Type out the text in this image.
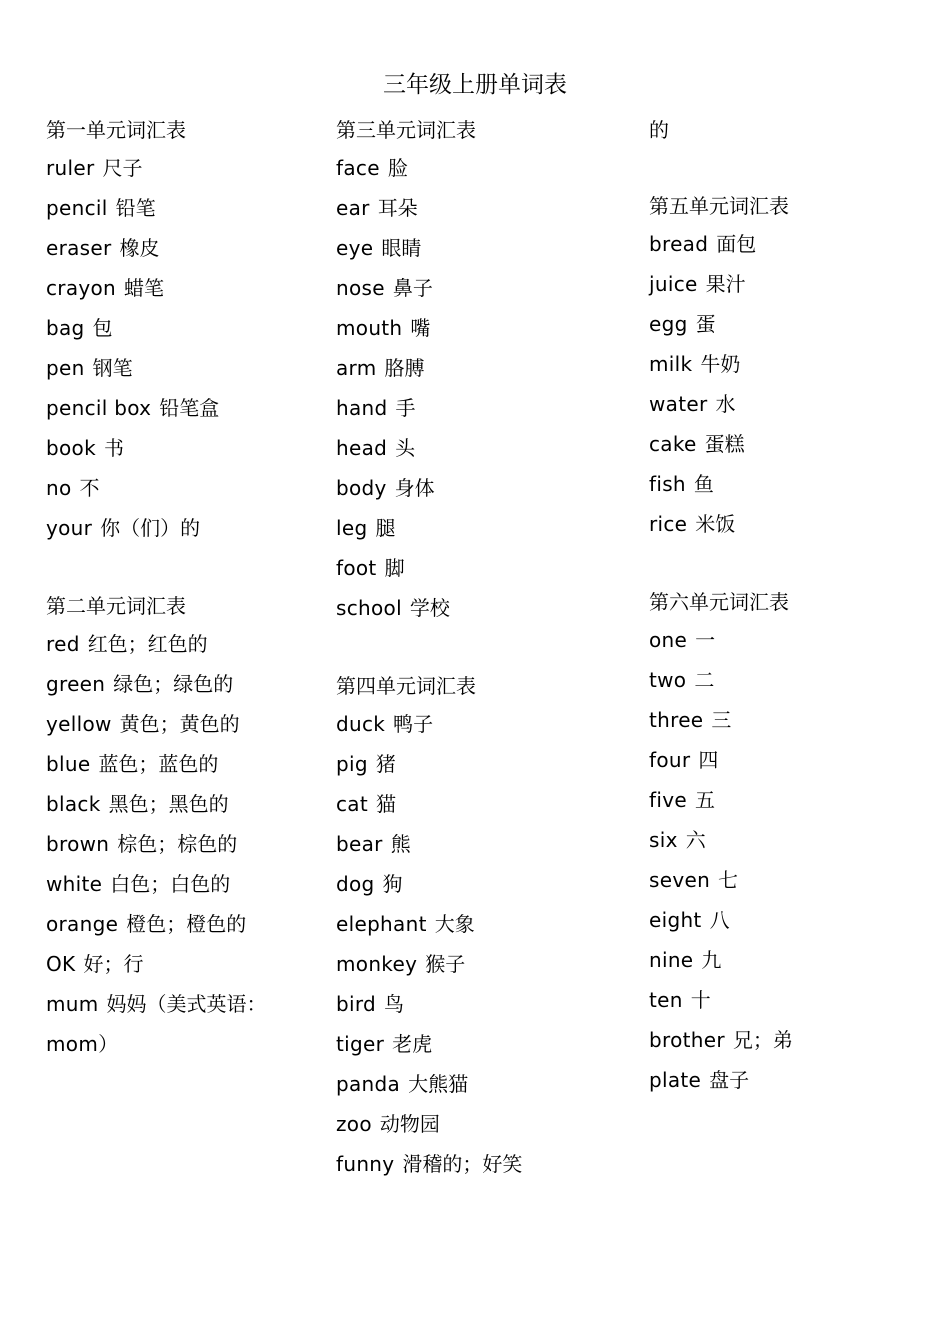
三年级上册单词表
第一单元词汇表
ruler 尺子
pencil 铅笔
eraser 橡皮
crayon 蜡笔
bag 包
pen 钢笔
pencil box 铅笔盒
book 书
no 不
your 你（们）的
第二单元词汇表
red 红色；红色的
green 绿色；绿色的
yellow 黄色；黄色的
blue 蓝色；蓝色的
black 黑色；黑色的
brown 棕色；棕色的
white 白色；白色的
orange 橙色；橙色的
OK 好；行
mum 妈妈（美式英语：
mom）
第三单元词汇表
face 脸
ear 耳朵
eye 眼睛
nose 鼻子
mouth 嘴
arm 胳膊
hand 手
head 头
body 身体
leg 腿
foot 脚
school 学校
第四单元词汇表
duck 鸭子
pig 猪
cat 猫
bear 熊
dog 狗
elephant 大象
monkey 猴子
bird 鸟
tiger 老虎
panda 大熊猫
zoo 动物园
funny 滑稽的；好笑
的
第五单元词汇表
bread 面包
juice 果汁
egg 蛋
milk 牛奶
water 水
cake 蛋糕
fish 鱼
rice 米饭
第六单元词汇表
one 一
two 二
three 三
four 四
five 五
six 六
seven 七
eight 八
nine 九
ten 十
brother 兄；弟
plate 盘子
